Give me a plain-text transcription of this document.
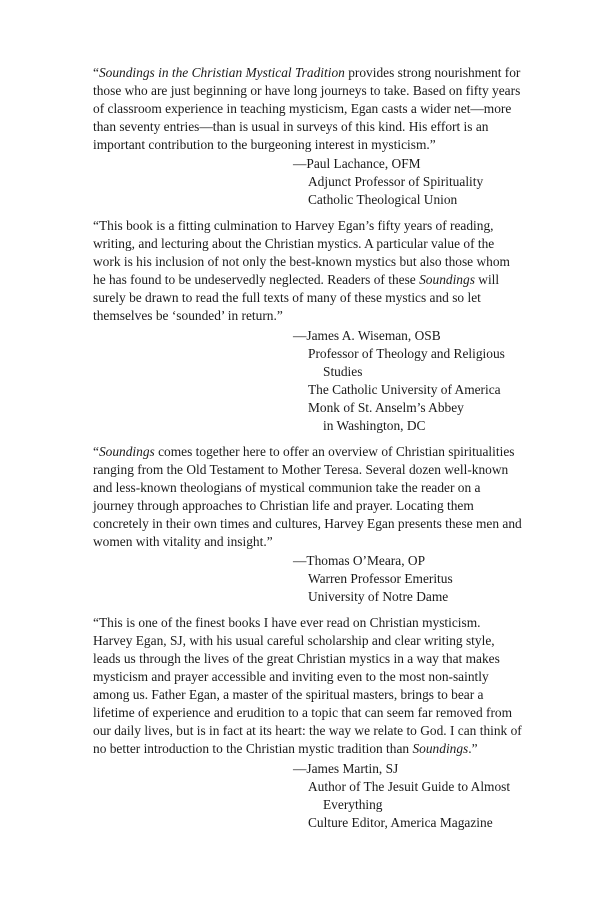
“Soundings in the Christian Mystical Tradition provides strong nourishment for those who are just beginning or have long journeys to take. Based on fifty years of classroom experience in teaching mysticism, Egan casts a wider net—more than seventy entries—than is usual in surveys of this kind. His effort is an important contribution to the burgeoning interest in mysticism.”

—Paul Lachance, OFM
Adjunct Professor of Spirituality
Catholic Theological Union

“This book is a fitting culmination to Harvey Egan’s fifty years of reading, writing, and lecturing about the Christian mystics. A particular value of the work is his inclusion of not only the best-known mystics but also those whom he has found to be undeservedly neglected. Readers of these Soundings will surely be drawn to read the full texts of many of these mystics and so let themselves be ‘sounded’ in return.”

—James A. Wiseman, OSB
Professor of Theology and Religious
Studies
The Catholic University of America
Monk of St. Anselm’s Abbey
in Washington, DC

“Soundings comes together here to offer an overview of Christian spiritualities ranging from the Old Testament to Mother Teresa. Several dozen well-known and less-known theologians of mystical communion take the reader on a journey through approaches to Christian life and prayer. Locating them concretely in their own times and cultures, Harvey Egan presents these men and women with vitality and insight.”

—Thomas O’Meara, OP
Warren Professor Emeritus
University of Notre Dame

“This is one of the finest books I have ever read on Christian mysticism. Harvey Egan, SJ, with his usual careful scholarship and clear writing style, leads us through the lives of the great Christian mystics in a way that makes mysticism and prayer accessible and inviting even to the most non-saintly among us. Father Egan, a master of the spiritual masters, brings to bear a lifetime of experience and erudition to a topic that can seem far removed from our daily lives, but is in fact at its heart: the way we relate to God. I can think of no better introduction to the Christian mystic tradition than Soundings.”

—James Martin, SJ
Author of The Jesuit Guide to Almost
Everything
Culture Editor, America Magazine
